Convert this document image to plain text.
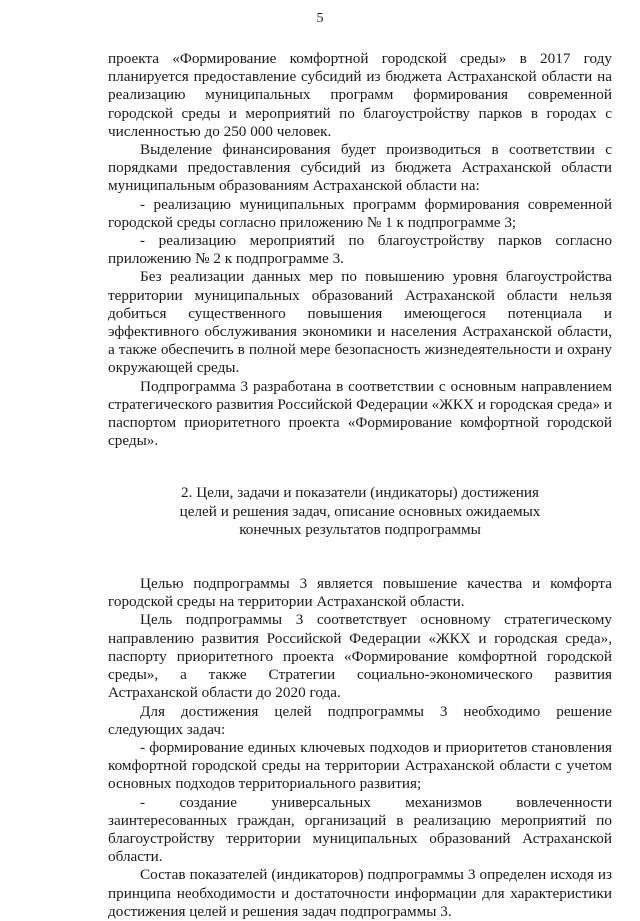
5

проекта «Формирование комфортной городской среды» в 2017 году планируется предоставление субсидий из бюджета Астраханской области на реализацию муниципальных программ формирования современной городской среды и мероприятий по благоустройству парков в городах с численностью до 250 000 человек.

Выделение финансирования будет производиться в соответствии с порядками предоставления субсидий из бюджета Астраханской области муниципальным образованиям Астраханской области на:

- реализацию муниципальных программ формирования современной городской среды согласно приложению № 1 к подпрограмме 3;

- реализацию мероприятий по благоустройству парков согласно приложению № 2 к подпрограмме 3.

Без реализации данных мер по повышению уровня благоустройства территории муниципальных образований Астраханской области нельзя добиться существенного повышения имеющегося потенциала и эффективного обслуживания экономики и населения Астраханской области, а также обеспечить в полной мере безопасность жизнедеятельности и охрану окружающей среды.

Подпрограмма 3 разработана в соответствии с основным направлением стратегического развития Российской Федерации «ЖКХ и городская среда» и паспортом приоритетного проекта «Формирование комфортной городской среды».

2. Цели, задачи и показатели (индикаторы) достижения
целей и решения задач, описание основных ожидаемых
конечных результатов подпрограммы

Целью подпрограммы 3 является повышение качества и комфорта городской среды на территории Астраханской области.

Цель подпрограммы 3 соответствует основному стратегическому направлению развития Российской Федерации «ЖКХ и городская среда», паспорту приоритетного проекта «Формирование комфортной городской среды», а также Стратегии социально-экономического развития Астраханской области до 2020 года.

Для достижения целей подпрограммы 3 необходимо решение следующих задач:

- формирование единых ключевых подходов и приоритетов становления комфортной городской среды на территории Астраханской области с учетом основных подходов территориального развития;

- создание универсальных механизмов вовлеченности заинтересованных граждан, организаций в реализацию мероприятий по благоустройству территории муниципальных образований Астраханской области.

Состав показателей (индикаторов) подпрограммы 3 определен исходя из принципа необходимости и достаточности информации для характеристики достижения целей и решения задач подпрограммы 3.
